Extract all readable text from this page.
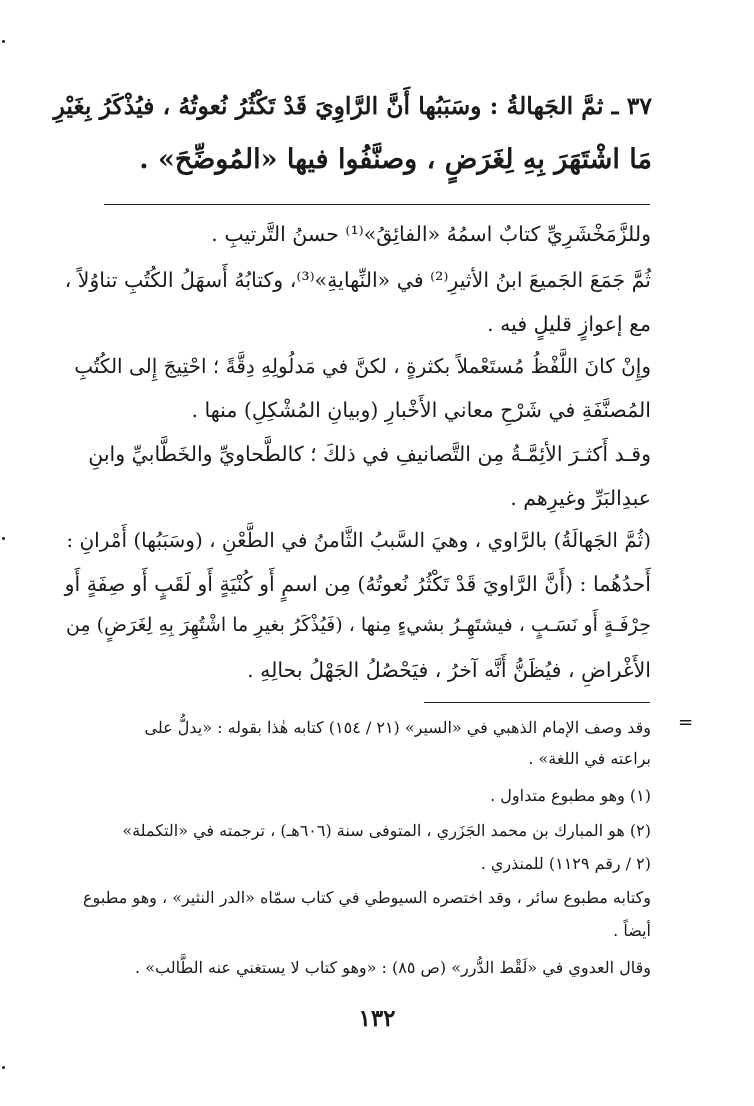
٣٧ ـ ثمَّ الجَهالةُ : وسَبَبُها أَنَّ الرَّاوِيَ قَدْ تَكْثُرُ نُعوتُهُ ، فيُذْكَرُ بِغَيْرِ
مَا اشْتَهَرَ بِهِ لِغَرَضٍ ، وصنَّفُوا فيها «المُوضِّحَ» .
وللزَّمَخْشَرِيِّ كتابٌ اسمُهُ «الفائِقُ»⁽¹⁾ حسنُ التَّرتيبِ .
ثُمَّ جَمَعَ الجَميعَ ابنُ الأثيرِ⁽²⁾ في «النِّهايةِ»⁽³⁾، وكتابُهُ أَسهَلُ الكُتُبِ تناوُلاً ،
مع إعوازٍ قليلٍ فيه .
وإِنْ كانَ اللَّفْظُ مُستَعْملاً بكثرةٍ ، لكنَّ في مَدلُولِهِ دِقَّةً ؛ احْتِيجَ إِلى الكُتُبِ
المُصنَّفَةِ في شَرْحِ معاني الأَخْبارِ (وبيانِ المُشْكِلِ) منها .
وقـد أَكثـرَ الأئِمَّـةُ مِن التَّصانيفِ في ذلكَ ؛ كالطَّحاويِّ والخَطَّابيِّ وابنِ
عبدِالبَرِّ وغيرِهم .
(ثُمَّ الجَهالَةُ) بالرَّاوي ، وهيَ السَّببُ الثَّامنُ في الطَّعْنِ ، (وسَبَبُها) أَمْرانِ :
أَحدُهُما : (أَنَّ الرَّاويَ قَدْ تَكْثُرُ نُعوتُهُ) مِن اسمٍ أَو كُنْيَةٍ أَو لَقَبٍ أَو صِفَةٍ أَو
حِرْفَـةٍ أَو نَسَـبٍ ، فيشتَهِـرُ بشيءٍ مِنها ، (فَيُذْكَرُ بغيرِ ما اشْتُهِرَ بِهِ لِغَرَضٍ) مِن
الأَغْراضِ ، فيُظَنُّ أَنَّه آخرُ ، فيَحْصُلُ الجَهْلُ بحالِهِ .
=
وقد وصف الإمام الذهبي في «السير» (٢١ / ١٥٤) كتابه هٰذا بقوله : «يدلُّ على
براعته في اللغة» .
(١) وهو مطبوع متداول .
(٢) هو المبارك بن محمد الجَزَري ، المتوفى سنة (٦٠٦هـ) ، ترجمته في «التكملة»
(٢ / رقم ١١٢٩) للمنذري .
وكتابه مطبوع سائر ، وقد اختصره السيوطي في كتاب سمّاه «الدر النثير» ، وهو مطبوع
أيضاً .
وقال العدوي في «لَقْط الدُّرر» (ص ٨٥) : «وهو كتاب لا يستغني عنه الطَّالب» .
١٣٢
